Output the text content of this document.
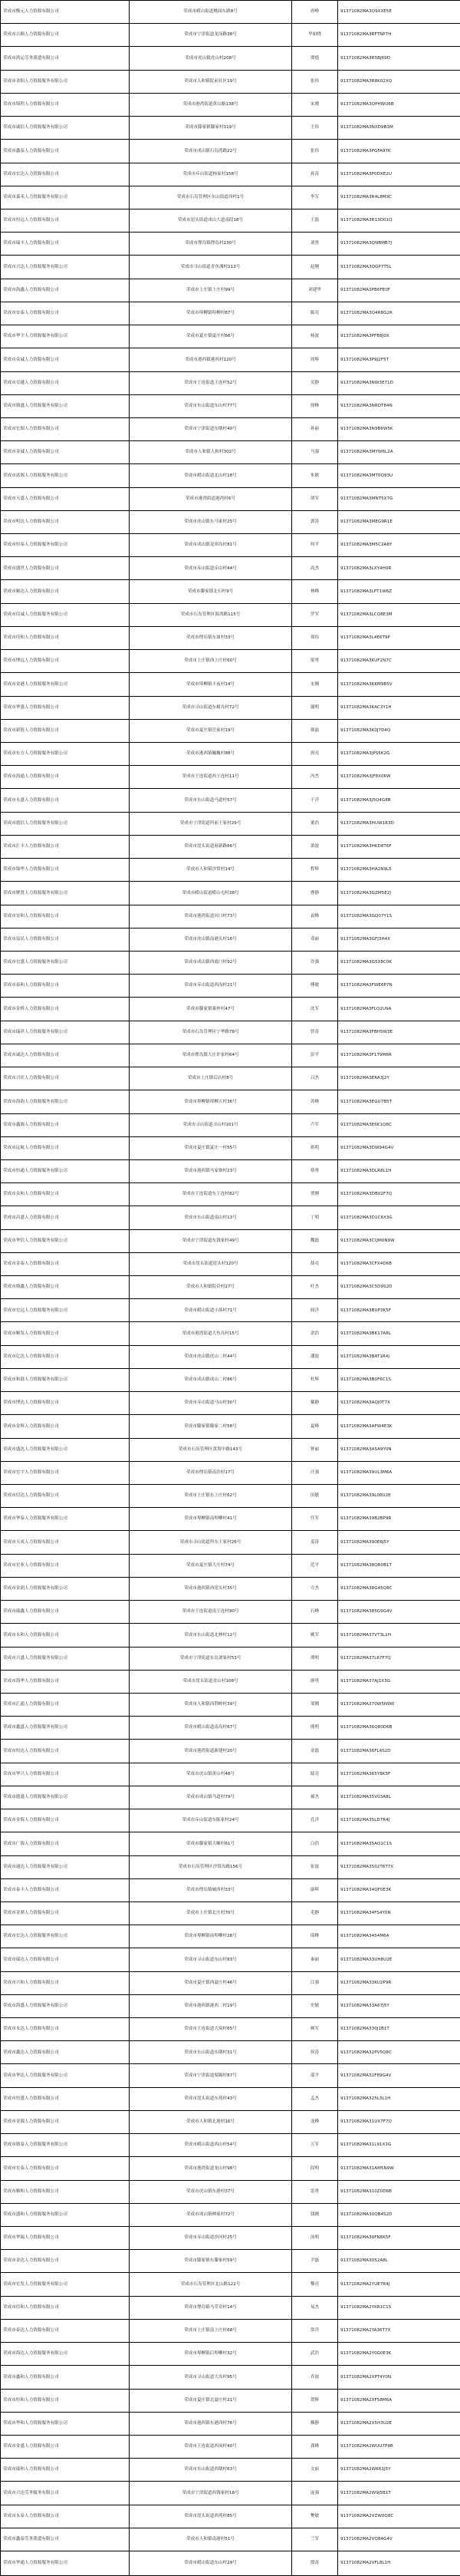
荣成市衡元人力资源有限公司	荣成市崂山街道桃园东路8号	唐峥	91371082MA3Q9XXE5E
荣成市吉顺人力资源有限公司	荣成市宁津街道龙岗路38号	毕如晓	91371082MA3RFTNP7H
荣成市鸿运劳务派遣有限公司	荣成市虎山镇虎山村208号	谭德	91371082MA3R5BJ69D
荣成市金阳人力资源服务有限公司	荣成市人和镇院前社区19号	张伟	91371082MA3R8K02XQ
荣成市锦程人力资源有限公司	荣成市港湾街道黄山路138号	宋晓	91371082MA3QPHWU6B
荣成市诚信人力资源服务有限公司	荣成市滕家镇滕家村319号	王伟	91371082MA3NXD9B3M
荣成市鑫泰人力资源有限公司	荣成市成山镇石岛湾路22号	张伟	91371082MA3PGFA97K
荣成市宏达人力资源有限公司	荣成市斥山街道杨家村158号	孙涛	91371082MA3P0DXE2U
荣成市嘉禾人力资源服务有限公司	荣成市石岛管理区东山街道西村1号	李军	91371082MA3R4L8MXC
荣成市恒远人力资源有限公司	荣成市崖头街道成山大道南段18号	王磊	91371082MA3R13D01Q
荣成市瑞丰人力资源有限公司	荣成市俚岛镇俚岛村230号	刘勇	91371082MA3QNBMB7J
荣成市兴达人力资源服务有限公司	荣成市寻山街道青鱼滩村113号	赵刚	91371082MA3QGP7T5L
荣成市海鑫人力资源有限公司	荣成市上庄镇上庄村99号	刘建华	91371082MA3PB6FE0F
荣成市安泰人力资源有限公司	荣成市埠柳镇埠柳村87号	陈亮	91371082MA3Q4R8G2R
荣成市华宇人力资源服务有限公司	荣成市夏庄镇夏庄村66号	杨波	91371082MA3PFB8J0X
荣成市众诚人力资源有限公司	荣成市港西镇港西村120号	周辉	91371082MA3P9J2F5T
荣成市卓越人力资源有限公司	荣成市王连街道王连村52号	吴静	91371082MA3NW3E71D
荣成市鼎盛人力资源服务有限公司	荣成市东山街道东山村77号	徐峰	91371082MA3NRDT84N
荣成市宏图人力资源有限公司	荣成市宁津街道东墩村40号	孙丽	91371082MA3N9B6W5K
荣成市金诚人力资源有限公司	荣成市人和镇人和村302号	马强	91371082MA3MYW6L2A
荣成市富源人力资源服务有限公司	荣成市崂山街道北山村18号	朱敏	91371082MA3MT0Q93U
荣成市天盛人力资源有限公司	荣成市港湾街道港湾村6号	胡军	91371082MA3MNT5X7G
荣成市明达人力资源有限公司	荣成市虎山镇东马家村25号	郭涛	91371082MA3MEG9R1E
荣成市恒泰人力资源服务有限公司	荣成市成山镇龙须岛村81号	何平	91371082MA3M5C2A8Y
荣成市盛世人力资源有限公司	荣成市斥山街道斥山村44号	高杰	91371082MA3LXY4H0R
荣成市顺达人力资源有限公司	荣成市滕家镇北石村9号	林峰	91371082MA3LPT1W6Z
荣成市信诚人力资源服务有限公司	荣成市石岛管理区海湾路115号	罗军	91371082MA3LCQ8E3M
荣成市佳和人力资源有限公司	荣成市俚岛镇东崮村33号	郑伟	91371082MA3L4E6T9P
荣成市博远人力资源有限公司	荣成市上庄镇西上庄村60号	梁勇	91371082MA3KUF2N7C
荣成市金港人力资源服务有限公司	荣成市埠柳镇不夜村14号	宋刚	91371082MA3KKM9B5V
荣成市华盛人力资源有限公司	荣成市寻山街道东楮岛村72号	谢明	91371082MA3KAC3Y1H
荣成市新锐人力资源有限公司	荣成市夏庄镇岳家村19号	韩磊	91371082MA3K0J7D4Q
荣成市东方人力资源服务有限公司	荣成市港西镇巍巍村88号	唐亮	91371082MA3JPS5K2G
荣成市海通人力资源有限公司	荣成市王连街道西王连村11号	冯杰	91371082MA3JF8X06W
荣成市永盛人力资源有限公司	荣成市东山街道马道村57号	于洋	91371082MA3J5Q4G8B
荣成市德信人力资源服务有限公司	荣成市宁津街道所前王家村29号	董浩	91371082MA3HUW1R3D
荣成市汇丰人力资源有限公司	荣成市崖头街道府新路66号	萧波	91371082MA3HKD8T6F
荣成市锦华人力资源有限公司	荣成市人和镇沙窝村14号	程辉	91371082MA3HA2N9L5
荣成市聚贤人力资源服务有限公司	荣成市崂山街道崂山屯村38号	曹静	91371082MA3GZM5E2J
荣成市安和人力资源有限公司	荣成市港湾街道河口村73号	袁峰	91371082MA3GQ07Y1S
荣成市益民人力资源有限公司	荣成市虎山镇南港头村16号	邓丽	91371082MA3GFJ3H4X
荣成市宏盛人力资源服务有限公司	荣成市成山镇西霞口村92号	许强	91371082MA3G5X8C0K
荣成市泰和人力资源有限公司	荣成市斥山街道西沟村21号	傅敏	91371082MA3FWE6P7N
荣成市金桥人力资源有限公司	荣成市滕家镇桑梓村47号	沈军	91371082MA3FLQ2U9A
荣成市瑞祥人力资源服务有限公司	荣成市石岛管理区宁华路78号	曾涛	91371082MA3FBH5W3E
荣成市诚达人力资源有限公司	荣成市俚岛镇大庄许家村64号	彭平	91371082MA3F1T9M6R
荣成市兴旺人力资源有限公司	荣成市上庄镇后店村8号	吕杰	91371082MA3ERA3J2Y
荣成市海韵人力资源服务有限公司	荣成市埠柳镇埠柳五村36号	苏峰	91371082MA3EGU7B5T
荣成市鑫源人力资源有限公司	荣成市寻山街道寻山村101号	卢军	91371082MA3E6K1Q8C
荣成市远航人力资源有限公司	荣成市夏庄镇夏庄一村55号	蒋明	91371082MA3DW94G4V
荣成市恒通人力资源服务有限公司	荣成市港西镇马家寨村23号	蔡勇	91371082MA3DLR8L1H
荣成市众和人力资源有限公司	荣成市王连街道东王连村82号	贾刚	91371082MA3DB02F7Q
荣成市昌盛人力资源有限公司	荣成市东山街道南山村13号	丁明	91371082MA3D1C6X3G
荣成市华信人力资源服务有限公司	荣成市宁津街道东钱家村49号	魏磊	91371082MA3CQM0N9W
荣成市金泰人力资源有限公司	荣成市崖头街道崖头村120号	薛亮	91371082MA3CFX4D6B
荣成市鼎鑫人力资源有限公司	荣成市人和镇院夼村27号	叶杰	91371082MA3C5D9S2D
荣成市宏远人力资源服务有限公司	荣成市崂山街道小落村71号	阎洋	91371082MA3BUP3K5F
荣成市顺发人力资源有限公司	荣成市港湾街道大鱼岛村15号	余浩	91371082MA3BK17A8L
荣成市亿达人力资源有限公司	荣成市虎山镇虎山二村44号	潘波	91371082MA3BAT1R4J
荣成市和谐人力资源服务有限公司	荣成市成山镇成山二村86号	杜辉	91371082MA3B0F6C1S
荣成市博达人力资源有限公司	荣成市斥山街道马山村30号	戴静	91371082MA3AQJ0T7X
荣成市金辉人力资源有限公司	荣成市滕家镇滕家二村58号	夏峰	91371082MA3AFW4E3K
荣成市盛达人力资源服务有限公司	荣成市石岛管理区黄海中路143号	钟丽	91371082MA3A5A9Y0N
荣成市宏宇人力资源有限公司	荣成市俚岛镇南泊村17号	汪强	91371082MA39UL3M6A
荣成市信达人力资源有限公司	荣成市上庄镇东上庄村62号	田敏	91371082MA39L08U2E
荣成市华泰人力资源服务有限公司	荣成市埠柳镇南埠柳村41号	任军	91371082MA39B2BP9R
荣成市天成人力资源有限公司	荣成市寻山街道所东王家村26号	姜涛	91371082MA390E6J5Y
荣成市宏业人力资源有限公司	荣成市夏庄镇大庄村74号	范平	91371082MA38QR0B1T
荣成市金润人力资源服务有限公司	荣成市港西镇西崖头村35号	方杰	91371082MA38G45Q8C
荣成市瑞鑫人力资源有限公司	荣成市王连街道南王连村90号	石峰	91371082MA385G9G4V
荣成市永和人力资源有限公司	荣成市东山街道北林村12号	姚军	91371082MA37VT3L1H
荣成市兴盛人力资源服务有限公司	荣成市宁津街道东岛刘家村53号	谭明	91371082MA37L67F7Q
荣成市海华人力资源有限公司	荣成市崖头街道青山村108号	廖勇	91371082MA37AJ1X3G
荣成市汇通人力资源有限公司	荣成市人和镇西荆岭村39号	邹刚	91371082MA370W5N9W
荣成市鑫盛人力资源服务有限公司	荣成市崂山街道南岛村67号	熊明	91371082MA36Q80D6B
荣成市恒达人力资源有限公司	荣成市港湾街道新建村20号	金磊	91371082MA36FL4S2D
荣成市华兴人力资源有限公司	荣成市虎山镇黄山村48号	陆亮	91371082MA365Y8K5F
荣成市德盛人力资源服务有限公司	荣成市成山镇马道村79号	郝杰	91371082MA35V03A8L
荣成市金海人力资源有限公司	荣成市斥山街道东陈家村24号	孔洋	91371082MA35LD7R4J
荣成市广源人力资源有限公司	荣成市滕家镇大疃村61号	白浩	91371082MA35AQ1C1S
荣成市通达人力资源服务有限公司	荣成市石岛管理区沙窝岛路156号	崔波	91371082MA3502T6T7X
荣成市泰丰人力资源有限公司	荣成市俚岛镇城西村33号	康辉	91371082MA34QF0E3K
荣成市金鼎人力资源有限公司	荣成市上庄镇北庄村70号	毛静	91371082MA34FS4Y0N
荣成市宏达人力资源服务有限公司	荣成市埠柳镇前埠柳村28号	邱峰	91371082MA3454M6A
荣成市瑞达人力资源有限公司	荣成市寻山街道东山村83号	秦丽	91371082MA33UH8U2E
荣成市兴和人力资源有限公司	荣成市夏庄镇西夏庄村46号	江强	91371082MA33KU2P9R
荣成市海盛人力资源服务有限公司	荣成市港西镇港西二村19号	史敏	91371082MA33A67J5Y
荣成市永达人力资源有限公司	荣成市王连街道大岚村65号	顾军	91371082MA330J1B1T
荣成市鑫达人力资源有限公司	荣成市东山街道东墩村31号	侯涛	91371082MA32PV5Q8C
荣成市华达人力资源服务有限公司	荣成市宁津街道渠隔村87号	邵平	91371082MA32F89G4V
荣成市恒盛人力资源有限公司	荣成市崖头街道东苑村43号	孟杰	91371082MA325L3L1H
荣成市金源人力资源有限公司	荣成市人和镇北港村16号	龙峰	91371082MA31UX7F7Q
荣成市鼎泰人力资源服务有限公司	荣成市崂山街道西山村54号	万军	91371082MA31L91X3G
荣成市宏泰人力资源有限公司	荣成市港湾街道龙山村98号	段明	91371082MA31AM5N9W
荣成市顺和人力资源有限公司	荣成市虎山镇东港村37号	雷勇	91371082MA310Z0D6B
荣成市盛和人力资源服务有限公司	荣成市成山镇林家村72号	钱刚	91371082MA30QB4S2D
荣成市华瑞人力资源有限公司	荣成市斥山街道沙河村25号	汤明	91371082MA30FN8K5F
荣成市金达人力资源有限公司	荣成市滕家镇东滕家村59号	尹磊	91371082MA3052A8L
荣成市宏发人力资源服务有限公司	荣成市石岛管理区北山路122号	黎亮	91371082MA2YUE7R4J
荣成市信和人力资源有限公司	荣成市俚岛镇马草夼村14号	易杰	91371082MA2YKR1C1S
荣成市泰达人力资源有限公司	荣成市上庄镇南上庄村68号	常洋	91371082MA2YA36T7X
荣成市海达人力资源服务有限公司	荣成市埠柳镇后埠柳村32号	武浩	91371082MA2Y0G0E3K
荣成市鑫和人力资源有限公司	荣成市寻山街道大岛村95号	乔波	91371082MA2XPT4Y0N
荣成市恒和人力资源有限公司	荣成市夏庄镇北夏庄村21号	贺辉	91371082MA2XF58M6A
荣成市华和人力资源服务有限公司	荣成市港西镇东港西村76号	赖静	91371082MA2X5H3U2E
荣成市金盛人力资源有限公司	荣成市王连街道西岚村40号	龚峰	91371082MA2WUU7P9R
荣成市瑞和人力资源有限公司	荣成市东山街道西墩村63号	文丽	91371082MA2WK61J5Y
荣成市兴达劳务服务有限公司	荣成市宁津街道西钱家村18号	庞强	91371082MA2W9J5B1T
荣成市永泰人力资源有限公司	荣成市崖头街道西苑村85号	樊敏	91371082MA2VZW0Q8C
荣成市鑫泰劳务派遣有限公司	荣成市人和镇南港村51号	兰军	91371082MA2VQ84G4V
荣成市华通人力资源服务有限公司	荣成市崂山街道东山村29号	殷涛	91371082MA2VFL8L1H
